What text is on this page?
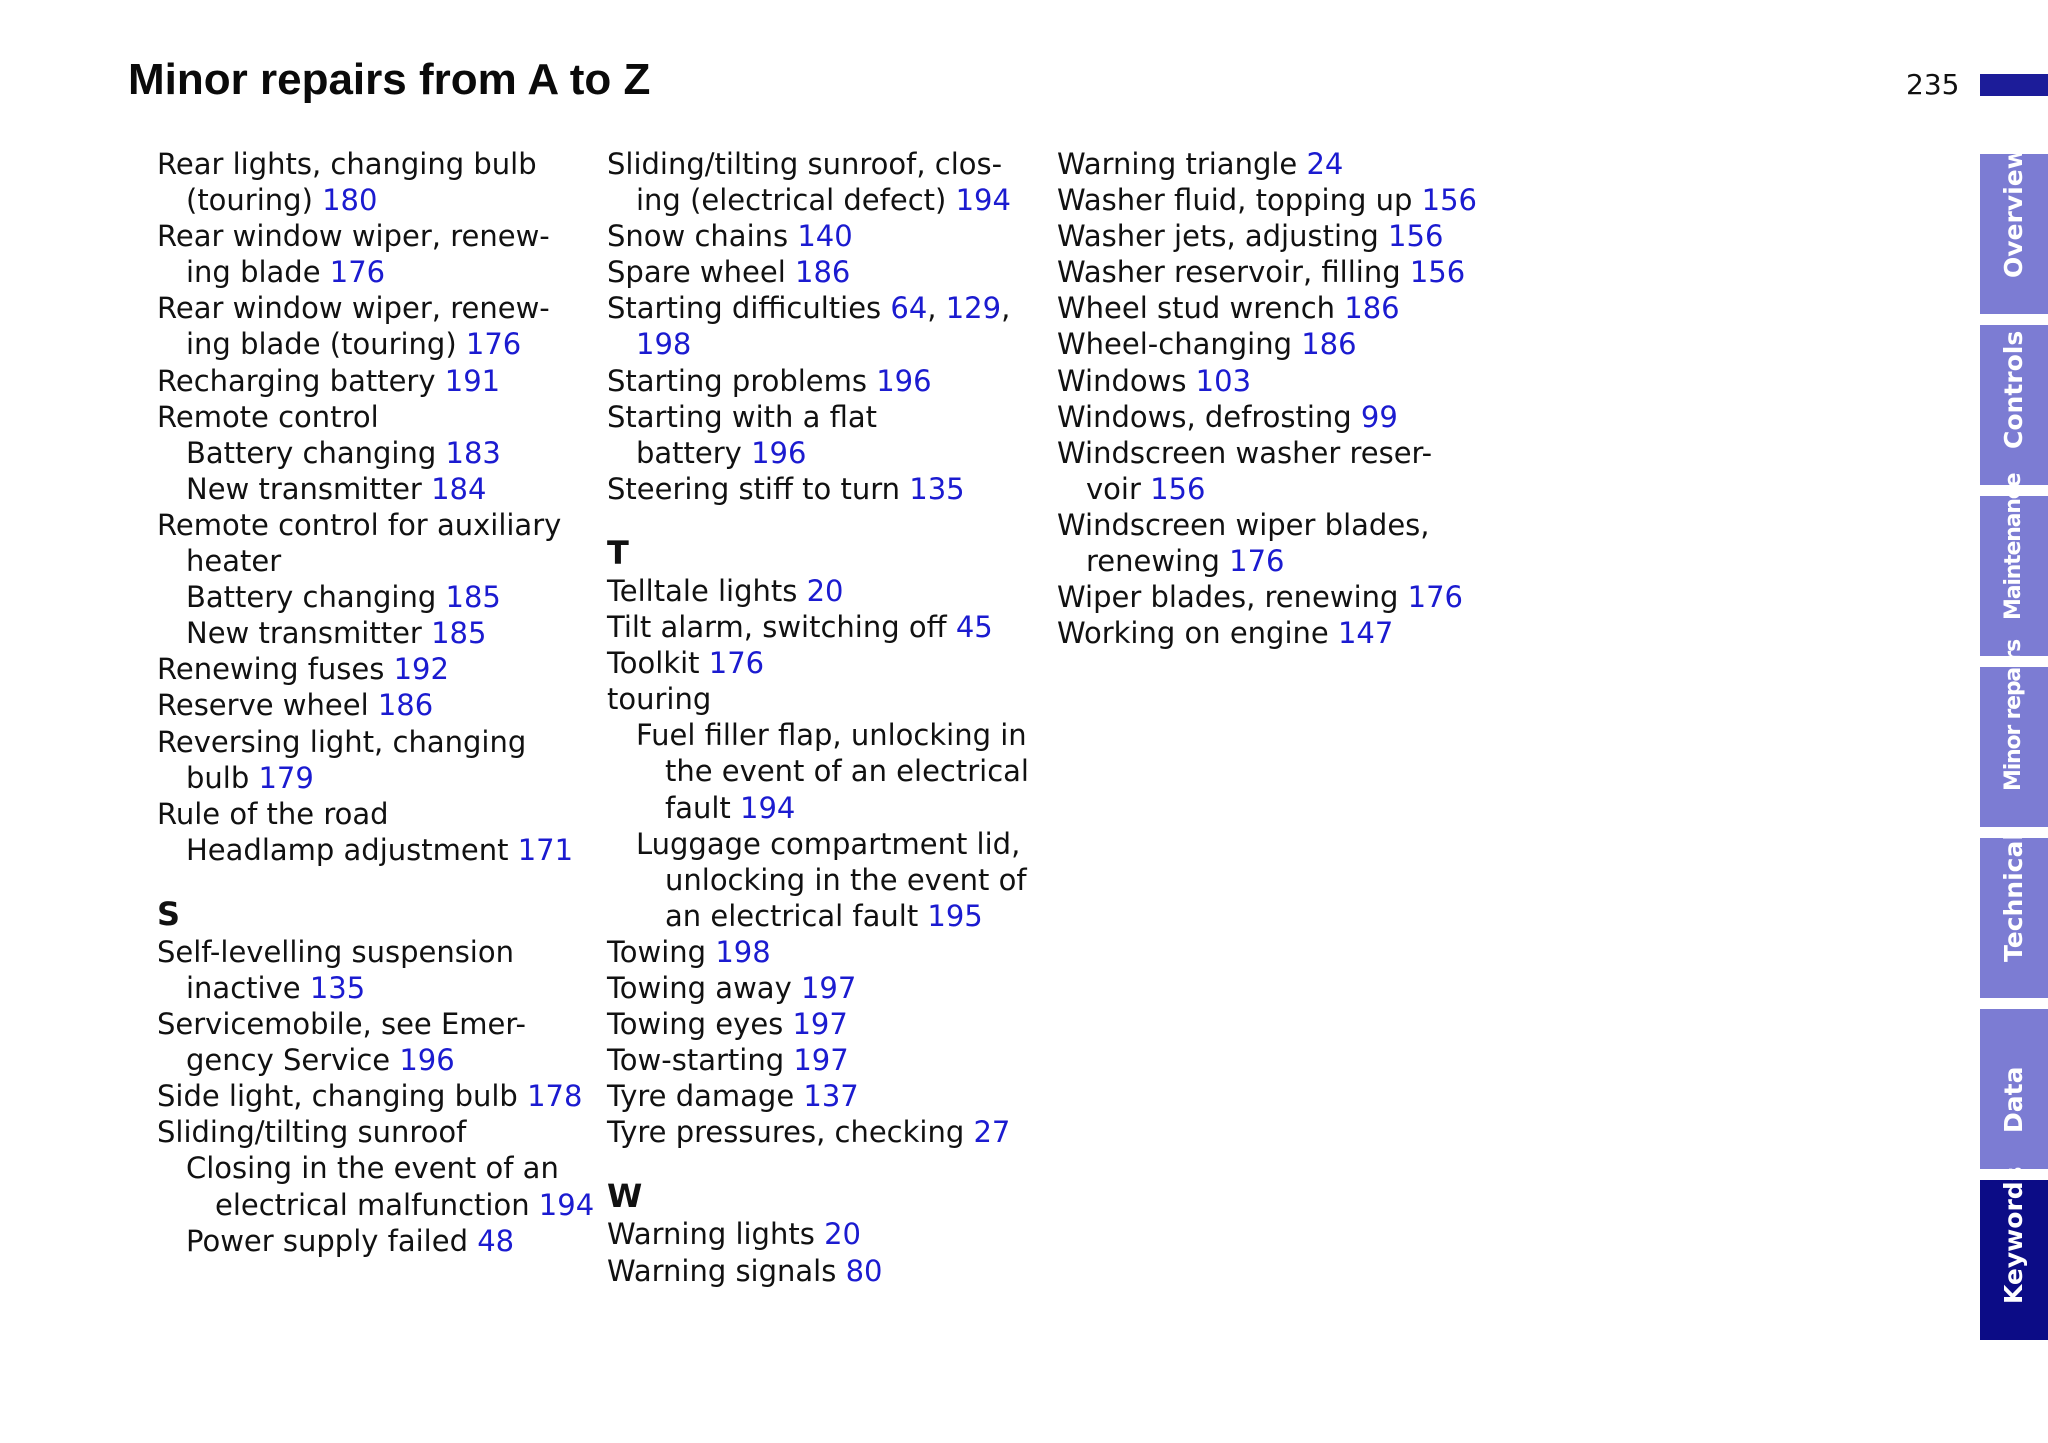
Minor repairs from A to Z	235
Rear lights, changing bulb
(touring) 180
Rear window wiper, renew-
ing blade 176
Rear window wiper, renew-
ing blade (touring) 176
Recharging battery 191
Remote control
Battery changing 183
New transmitter 184
Remote control for auxiliary
heater
Battery changing 185
New transmitter 185
Renewing fuses 192
Reserve wheel 186
Reversing light, changing
bulb 179
Rule of the road
Headlamp adjustment 171
S
Self-levelling suspension
inactive 135
Servicemobile, see Emer-
gency Service 196
Side light, changing bulb 178
Sliding/tilting sunroof
Closing in the event of an
electrical malfunction 194
Power supply failed 48
Sliding/tilting sunroof, clos-
ing (electrical defect) 194
Snow chains 140
Spare wheel 186
Starting difficulties 64, 129,
198
Starting problems 196
Starting with a flat
battery 196
Steering stiff to turn 135
T
Telltale lights 20
Tilt alarm, switching off 45
Toolkit 176
touring
Fuel filler flap, unlocking in
the event of an electrical
fault 194
Luggage compartment lid,
unlocking in the event of
an electrical fault 195
Towing 198
Towing away 197
Towing eyes 197
Tow-starting 197
Tyre damage 137
Tyre pressures, checking 27
W
Warning lights 20
Warning signals 80
Warning triangle 24
Washer fluid, topping up 156
Washer jets, adjusting 156
Washer reservoir, filling 156
Wheel stud wrench 186
Wheel-changing 186
Windows 103
Windows, defrosting 99
Windscreen washer reser-
voir 156
Windscreen wiper blades,
renewing 176
Wiper blades, renewing 176
Working on engine 147
Overview
Controls
Maintenance
Minor repairs
Technical
Data
Keywords
